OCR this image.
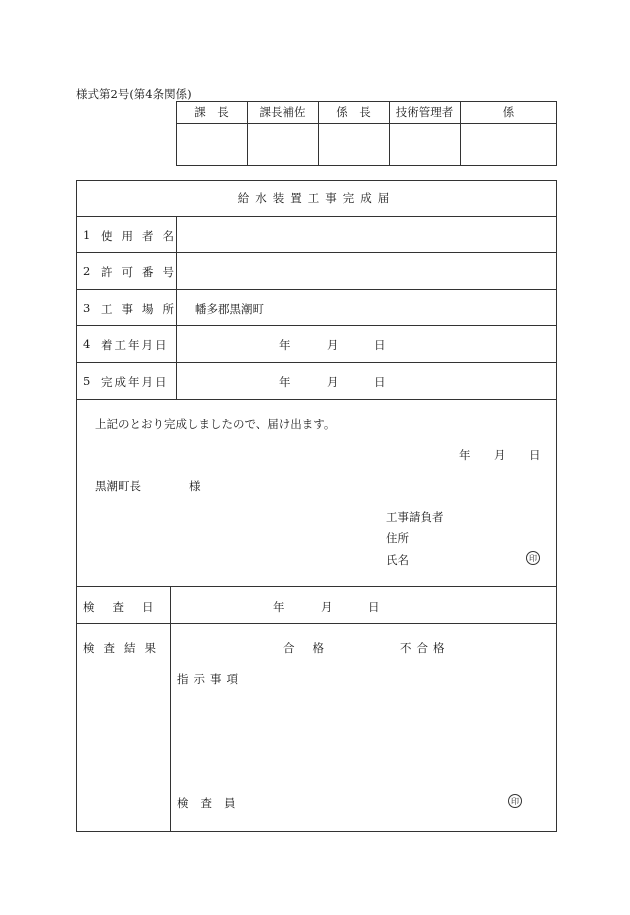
様式第2号(第4条関係)
課　長	課長補佐	係　長	技術管理者	係
給水装置工事完成届
1 使用者名
2 許可番号
3 工事場所 幡多郡黒潮町
4 着工年月日	年	月	日
5 完成年月日	年	月	日
上記のとおり完成しましたので、届け出ます。
年 月 日
黒潮町長	様
工事請負者
住所
氏名	印
検査日	年	月	日
検査結果	合格	不合格
指示事項
検査員	印
